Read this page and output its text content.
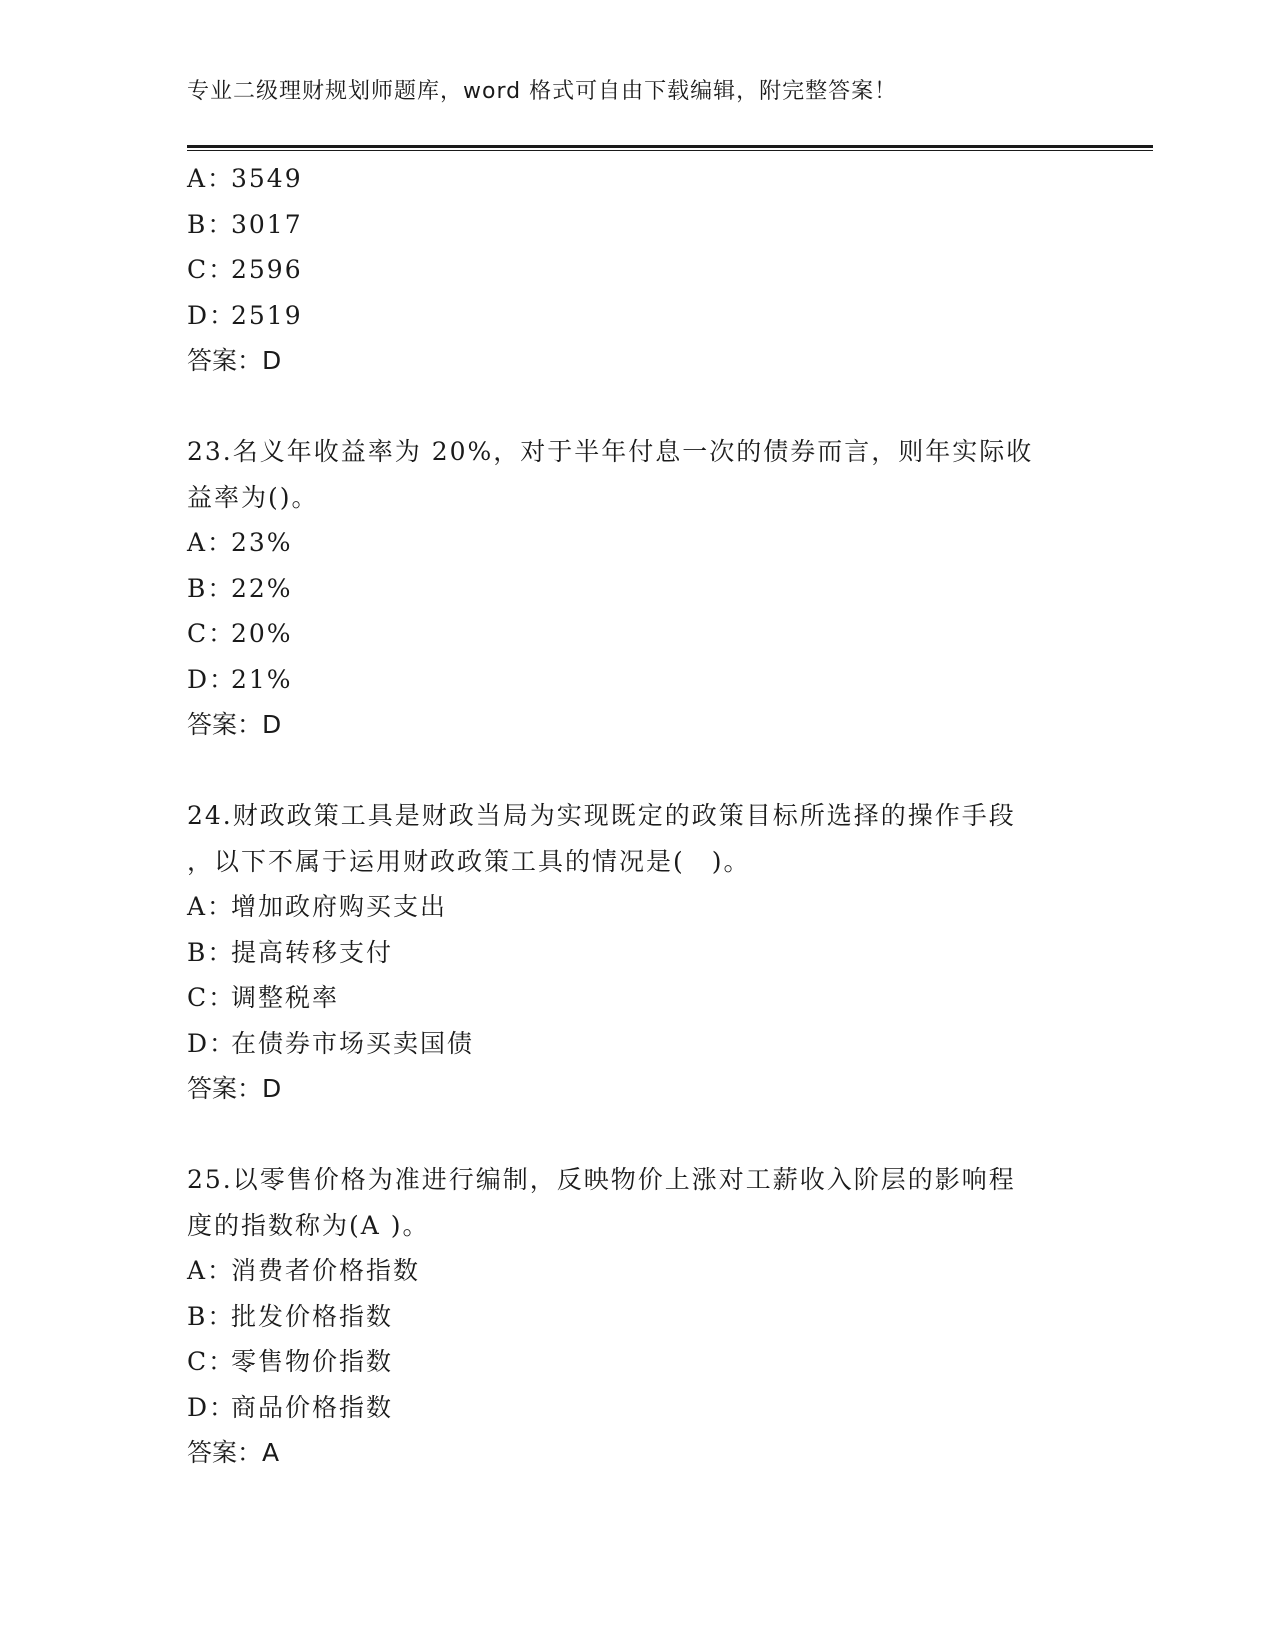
专业二级理财规划师题库，word 格式可自由下载编辑，附完整答案！
A：3549
B：3017
C：2596
D：2519
答案：D
23.名义年收益率为 20%，对于半年付息一次的债券而言，则年实际收
益率为()。
A：23%
B：22%
C：20%
D：21%
答案：D
24.财政政策工具是财政当局为实现既定的政策目标所选择的操作手段
，以下不属于运用财政政策工具的情况是(　)。
A：增加政府购买支出
B：提高转移支付
C：调整税率
D：在债券市场买卖国债
答案：D
25.以零售价格为准进行编制，反映物价上涨对工薪收入阶层的影响程
度的指数称为(A )。
A：消费者价格指数
B：批发价格指数
C：零售物价指数
D：商品价格指数
答案：A
